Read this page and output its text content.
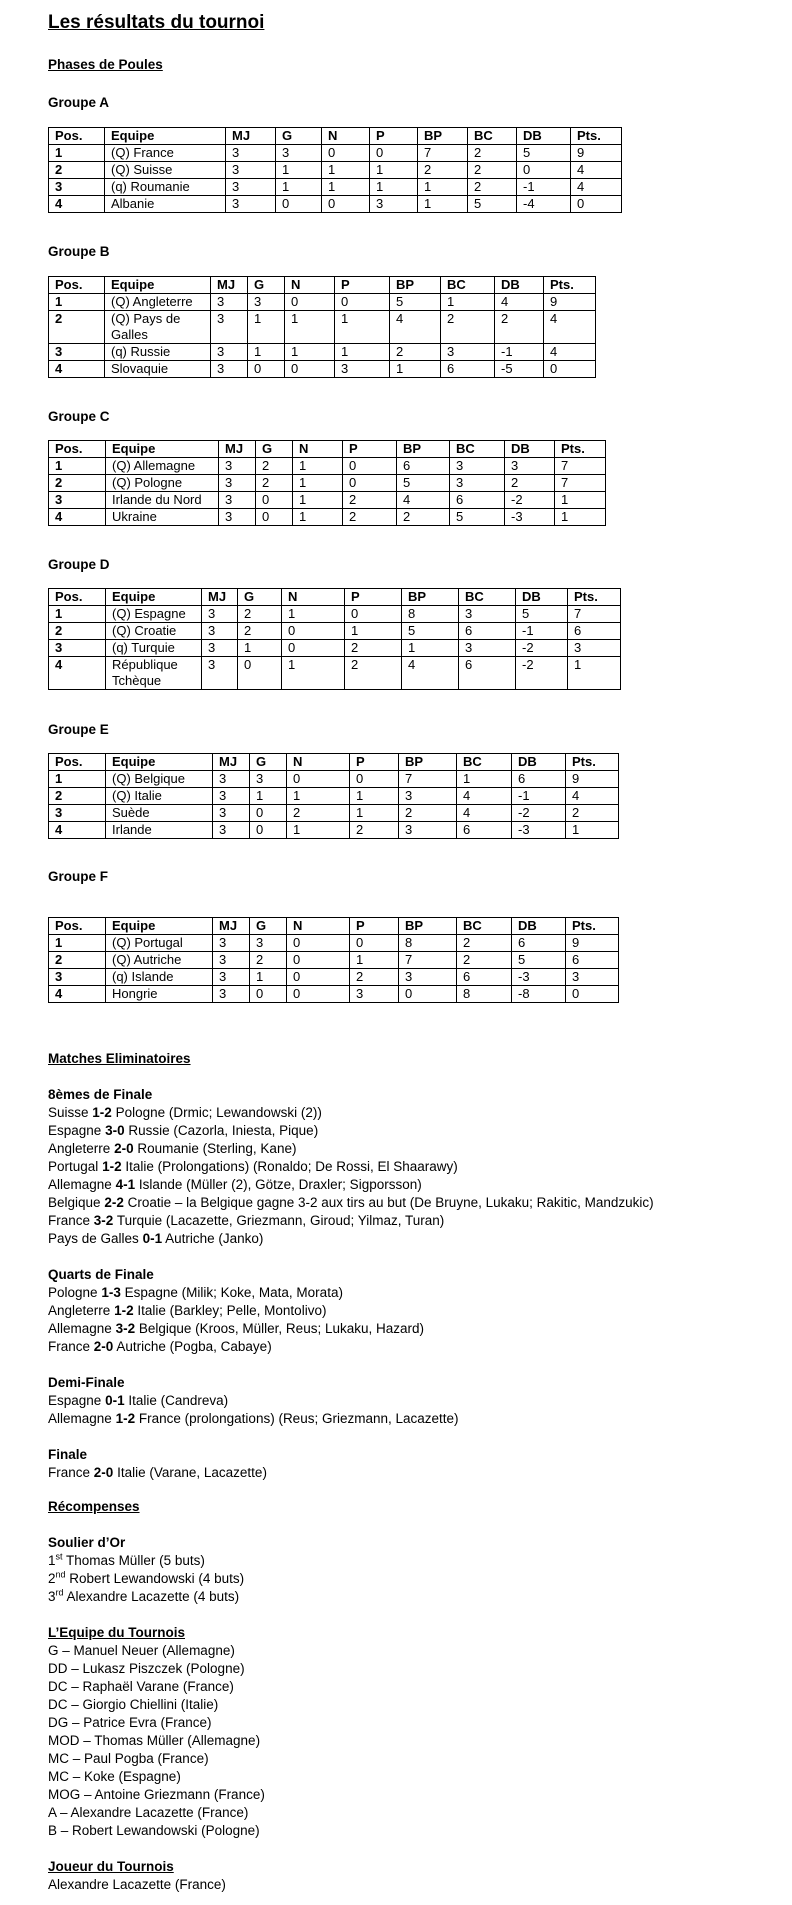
Les résultats du tournoi
Phases de Poules
Groupe A
Pos.	Equipe	MJ	G	N	P	BP	BC	DB	Pts.
1	(Q) France	3	3	0	0	7	2	5	9
2	(Q) Suisse	3	1	1	1	2	2	0	4
3	(q) Roumanie	3	1	1	1	1	2	-1	4
4	Albanie	3	0	0	3	1	5	-4	0
Groupe B
Pos.	Equipe	MJ	G	N	P	BP	BC	DB	Pts.
1	(Q) Angleterre	3	3	0	0	5	1	4	9
2	(Q) Pays de Galles	3	1	1	1	4	2	2	4
3	(q) Russie	3	1	1	1	2	3	-1	4
4	Slovaquie	3	0	0	3	1	6	-5	0
Groupe C
Pos.	Equipe	MJ	G	N	P	BP	BC	DB	Pts.
1	(Q) Allemagne	3	2	1	0	6	3	3	7
2	(Q) Pologne	3	2	1	0	5	3	2	7
3	Irlande du Nord	3	0	1	2	4	6	-2	1
4	Ukraine	3	0	1	2	2	5	-3	1
Groupe D
Pos.	Equipe	MJ	G	N	P	BP	BC	DB	Pts.
1	(Q) Espagne	3	2	1	0	8	3	5	7
2	(Q) Croatie	3	2	0	1	5	6	-1	6
3	(q) Turquie	3	1	0	2	1	3	-2	3
4	République Tchèque	3	0	1	2	4	6	-2	1
Groupe E
Pos.	Equipe	MJ	G	N	P	BP	BC	DB	Pts.
1	(Q) Belgique	3	3	0	0	7	1	6	9
2	(Q) Italie	3	1	1	1	3	4	-1	4
3	Suède	3	0	2	1	2	4	-2	2
4	Irlande	3	0	1	2	3	6	-3	1
Groupe F
Pos.	Equipe	MJ	G	N	P	BP	BC	DB	Pts.
1	(Q) Portugal	3	3	0	0	8	2	6	9
2	(Q) Autriche	3	2	0	1	7	2	5	6
3	(q) Islande	3	1	0	2	3	6	-3	3
4	Hongrie	3	0	0	3	0	8	-8	0
Matches Eliminatoires
8èmes de Finale
Suisse 1-2 Pologne (Drmic; Lewandowski (2))
Espagne 3-0 Russie (Cazorla, Iniesta, Pique)
Angleterre 2-0 Roumanie (Sterling, Kane)
Portugal 1-2 Italie (Prolongations) (Ronaldo; De Rossi, El Shaarawy)
Allemagne 4-1 Islande (Müller (2), Götze, Draxler; Sigporsson)
Belgique 2-2 Croatie – la Belgique gagne 3-2 aux tirs au but (De Bruyne, Lukaku; Rakitic, Mandzukic)
France 3-2 Turquie (Lacazette, Griezmann, Giroud; Yilmaz, Turan)
Pays de Galles 0-1 Autriche (Janko)
Quarts de Finale
Pologne 1-3 Espagne (Milik; Koke, Mata, Morata)
Angleterre 1-2 Italie (Barkley; Pelle, Montolivo)
Allemagne 3-2 Belgique (Kroos, Müller, Reus; Lukaku, Hazard)
France 2-0 Autriche (Pogba, Cabaye)
Demi-Finale
Espagne 0-1 Italie (Candreva)
Allemagne 1-2 France (prolongations) (Reus; Griezmann, Lacazette)
Finale
France 2-0 Italie (Varane, Lacazette)
Récompenses
Soulier d’Or
1st Thomas Müller (5 buts)
2nd Robert Lewandowski (4 buts)
3rd Alexandre Lacazette (4 buts)
L’Equipe du Tournois
G – Manuel Neuer (Allemagne)
DD – Lukasz Piszczek (Pologne)
DC – Raphaël Varane (France)
DC – Giorgio Chiellini (Italie)
DG – Patrice Evra (France)
MOD – Thomas Müller (Allemagne)
MC – Paul Pogba (France)
MC – Koke (Espagne)
MOG – Antoine Griezmann (France)
A – Alexandre Lacazette (France)
B – Robert Lewandowski (Pologne)
Joueur du Tournois
Alexandre Lacazette (France)
